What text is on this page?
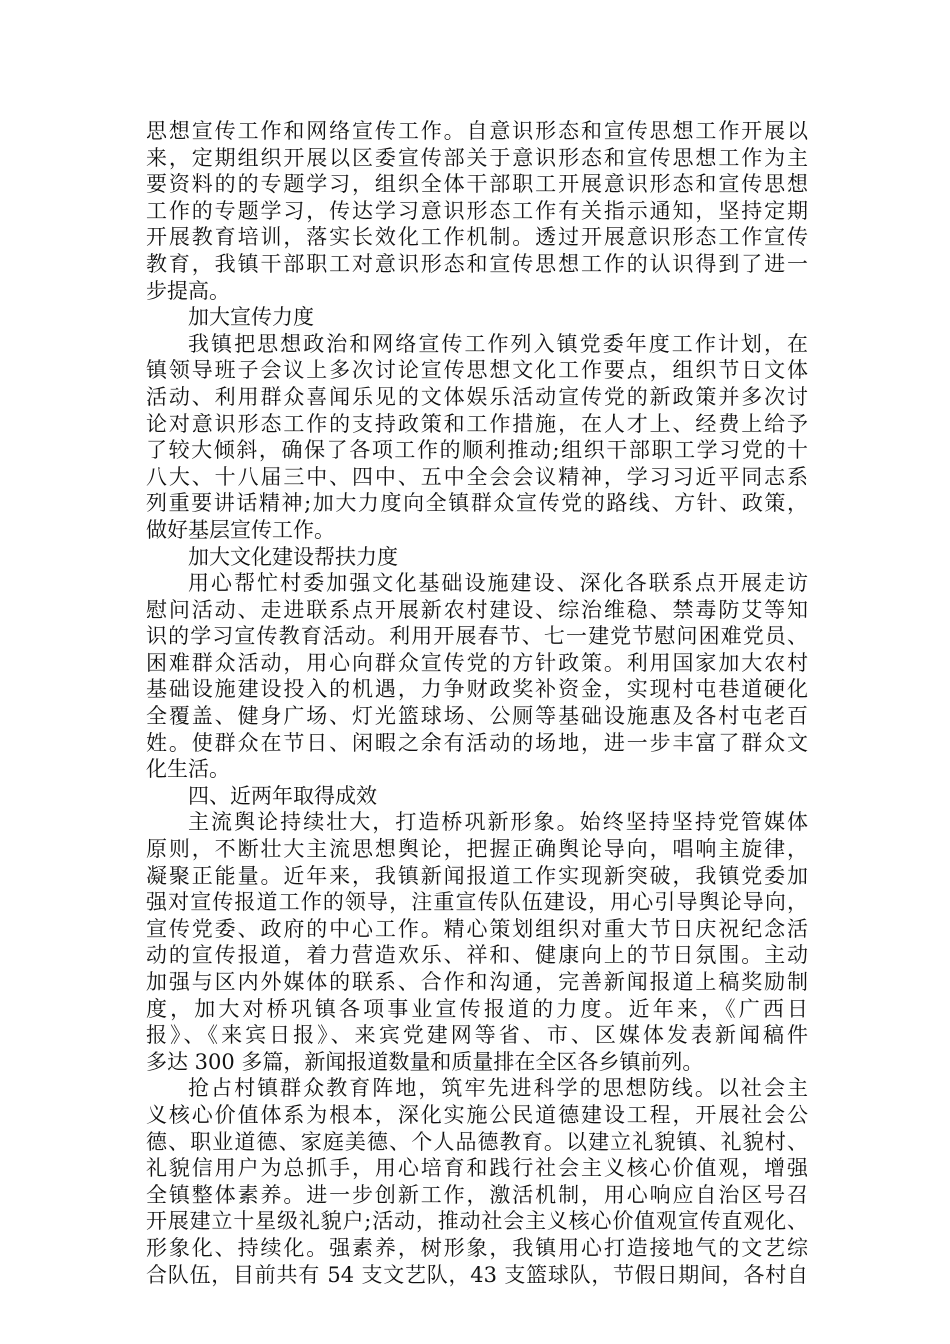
思想宣传工作和网络宣传工作。自意识形态和宣传思想工作开展以
来，定期组织开展以区委宣传部关于意识形态和宣传思想工作为主
要资料的的专题学习，组织全体干部职工开展意识形态和宣传思想
工作的专题学习，传达学习意识形态工作有关指示通知，坚持定期
开展教育培训，落实长效化工作机制。透过开展意识形态工作宣传
教育，我镇干部职工对意识形态和宣传思想工作的认识得到了进一
步提高。
加大宣传力度
我镇把思想政治和网络宣传工作列入镇党委年度工作计划，在
镇领导班子会议上多次讨论宣传思想文化工作要点，组织节日文体
活动、利用群众喜闻乐见的文体娱乐活动宣传党的新政策并多次讨
论对意识形态工作的支持政策和工作措施，在人才上、经费上给予
了较大倾斜，确保了各项工作的顺利推动;组织干部职工学习党的十
八大、十八届三中、四中、五中全会会议精神，学习习近平同志系
列重要讲话精神;加大力度向全镇群众宣传党的路线、方针、政策，
做好基层宣传工作。
加大文化建设帮扶力度
用心帮忙村委加强文化基础设施建设、深化各联系点开展走访
慰问活动、走进联系点开展新农村建设、综治维稳、禁毒防艾等知
识的学习宣传教育活动。利用开展春节、七一建党节慰问困难党员、
困难群众活动，用心向群众宣传党的方针政策。利用国家加大农村
基础设施建设投入的机遇，力争财政奖补资金，实现村屯巷道硬化
全覆盖、健身广场、灯光篮球场、公厕等基础设施惠及各村屯老百
姓。使群众在节日、闲暇之余有活动的场地，进一步丰富了群众文
化生活。
四、近两年取得成效
主流舆论持续壮大，打造桥巩新形象。始终坚持坚持党管媒体
原则，不断壮大主流思想舆论，把握正确舆论导向，唱响主旋律，
凝聚正能量。近年来，我镇新闻报道工作实现新突破，我镇党委加
强对宣传报道工作的领导，注重宣传队伍建设，用心引导舆论导向，
宣传党委、政府的中心工作。精心策划组织对重大节日庆祝纪念活
动的宣传报道，着力营造欢乐、祥和、健康向上的节日氛围。主动
加强与区内外媒体的联系、合作和沟通，完善新闻报道上稿奖励制
度，加大对桥巩镇各项事业宣传报道的力度。近年来，《广西日
报》、《来宾日报》、来宾党建网等省、市、区媒体发表新闻稿件
多达 300 多篇，新闻报道数量和质量排在全区各乡镇前列。
抢占村镇群众教育阵地，筑牢先进科学的思想防线。以社会主
义核心价值体系为根本，深化实施公民道德建设工程，开展社会公
德、职业道德、家庭美德、个人品德教育。以建立礼貌镇、礼貌村、
礼貌信用户为总抓手，用心培育和践行社会主义核心价值观，增强
全镇整体素养。进一步创新工作，激活机制，用心响应自治区号召
开展建立十星级礼貌户;活动，推动社会主义核心价值观宣传直观化、
形象化、持续化。强素养，树形象，我镇用心打造接地气的文艺综
合队伍，目前共有 54 支文艺队，43 支篮球队，节假日期间，各村自
